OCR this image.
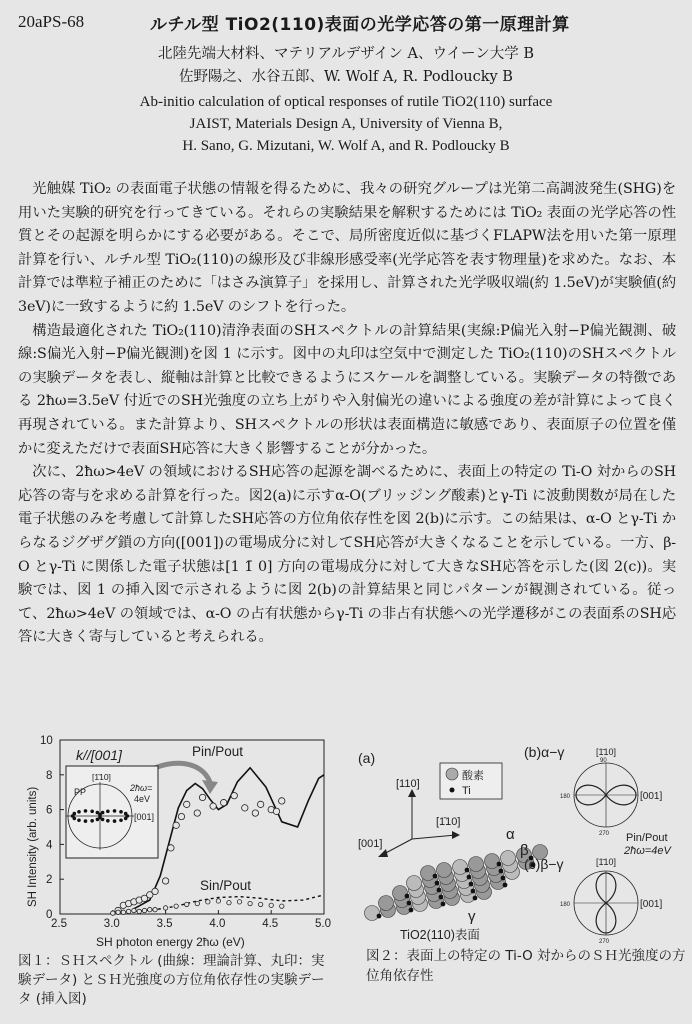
20aPS-68	ルチル型 TiO2(110)表面の光学応答の第一原理計算
北陸先端大材料、マテリアルデザイン A、ウイーン大学 B
佐野陽之、水谷五郎、W. Wolf A, R. Podloucky B
Ab-initio calculation of optical responses of rutile TiO2(110) surface
JAIST, Materials Design A, University of Vienna B,
H. Sano, G. Mizutani, W. Wolf A, and R. Podloucky B

光触媒 TiO₂ の表面電子状態の情報を得るために、我々の研究グループは光第二高調波発生(SHG)を用いた実験的研究を行ってきている。それらの実験結果を解釈するためには TiO₂ 表面の光学応答の性質とその起源を明らかにする必要がある。そこで、局所密度近似に基づくFLAPW法を用いた第一原理計算を行い、ルチル型 TiO₂(110)の線形及び非線形感受率(光学応答を表す物理量)を求めた。なお、本計算では準粒子補正のために「はさみ演算子」を採用し、計算された光学吸収端(約 1.5eV)が実験値(約 3eV)に一致するように約 1.5eV のシフトを行った。

構造最適化された TiO₂(110)清浄表面のSHスペクトルの計算結果(実線:P偏光入射−P偏光観測、破線:S偏光入射−P偏光観測)を図 1 に示す。図中の丸印は空気中で測定した TiO₂(110)のSHスペクトルの実験データを表し、縦軸は計算と比較できるようにスケールを調整している。実験データの特徴である 2ħω=3.5eV 付近でのSH光強度の立ち上がりや入射偏光の違いによる強度の差が計算によって良く再現されている。また計算より、SHスペクトルの形状は表面構造に敏感であり、表面原子の位置を僅かに変えただけで表面SH応答に大きく影響することが分かった。

次に、2ħω>4eV の領域におけるSH応答の起源を調べるために、表面上の特定の Ti-O 対からのSH応答の寄与を求める計算を行った。図2(a)に示すα-O(ブリッジング酸素)とγ-Ti に波動関数が局在した電子状態のみを考慮して計算したSH応答の方位角依存性を図 2(b)に示す。この結果は、α-O とγ-Ti からなるジグザグ鎖の方向([001])の電場成分に対してSH応答が大きくなることを示している。一方、β-O とγ-Ti に関係した電子状態は[1 1̄ 0] 方向の電場成分に対して大きなSH応答を示した(図 2(c))。実験では、図 1 の挿入図で示されるように図 2(b)の計算結果と同じパターンが観測されている。従って、2ħω>4eV の領域では、α-O の占有状態からγ-Ti の非占有状態への光学遷移がこの表面系のSH応答に大きく寄与していると考えられる。

2.5	3.0	3.5	4.0	4.5	5.0
0
2
4
6
8
10
SH Intensity (arb. units)
SH photon energy 2ħω (eV)
Pin/Pout
Sin/Pout
k//[001]
[1̄10]
PP	2ħω=
4eV
[001]
図１：ＳＨスペクトル (曲線：理論計算、丸印：実験データ) とＳＨ光強度の方位角依存性の実験データ (挿入図)
(a)
酸素
Ti
[110]
[1̄10]
[001]
α
β
γ
TiO2(110)表面
(b)α−γ	[1̄10]
90
180
270
[001]
Pin/Pout
2ħω=4eV
(c)β−γ	[1̄10]
180
270
[001]
図２：表面上の特定の Ti-O 対からのＳＨ光強度の方位角依存性
